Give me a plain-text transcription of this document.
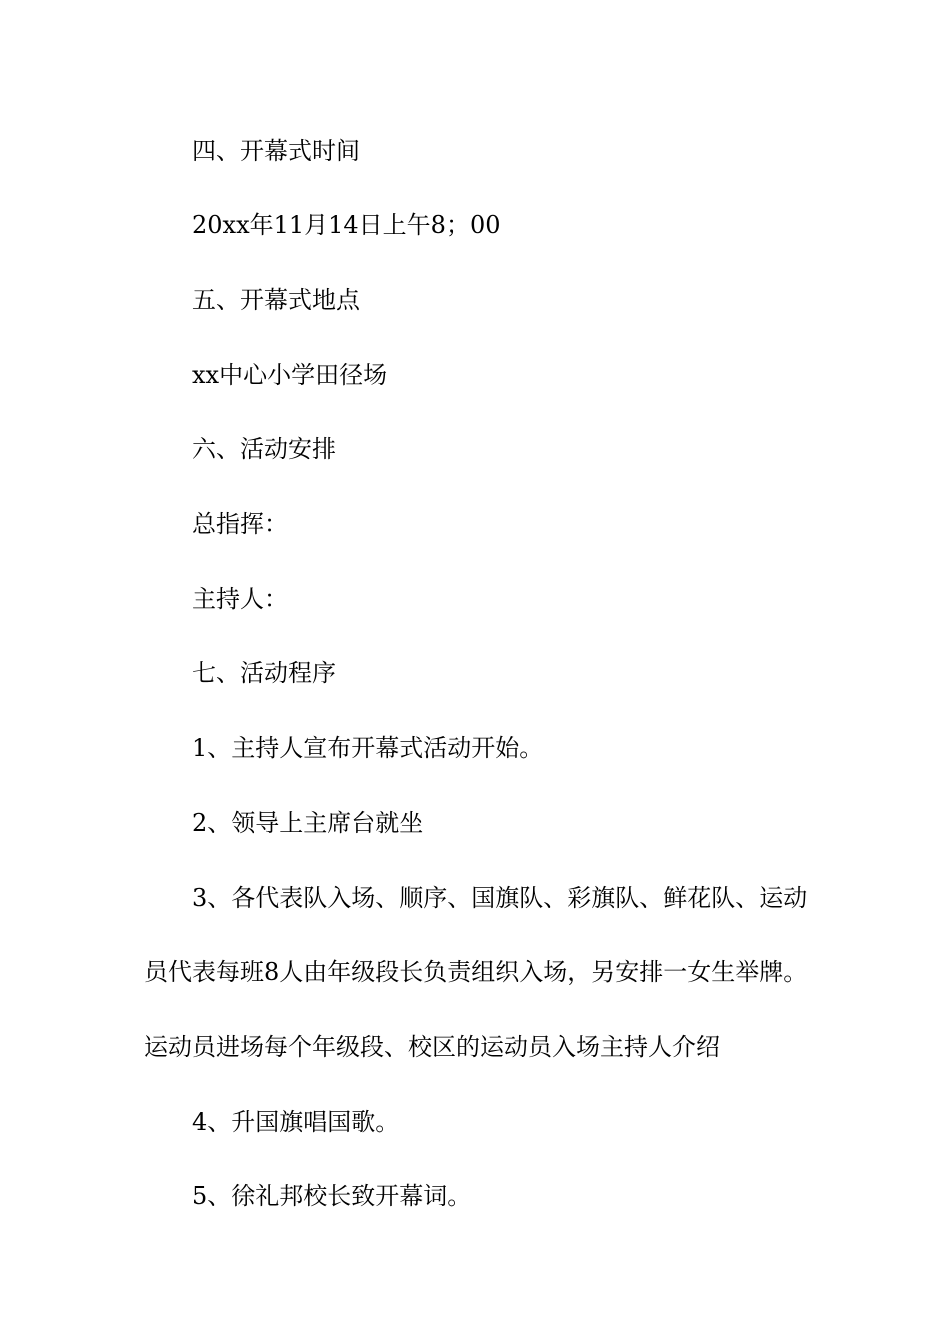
四、开幕式时间
20xx年11月14日上午8；00
五、开幕式地点
xx中心小学田径场
六、活动安排
总指挥：
主持人：
七、活动程序
1、主持人宣布开幕式活动开始。
2、领导上主席台就坐
3、各代表队入场、顺序、国旗队、彩旗队、鲜花队、运动
员代表每班8人由年级段长负责组织入场，另安排一女生举牌。
运动员进场每个年级段、校区的运动员入场主持人介绍
4、升国旗唱国歌。
5、徐礼邦校长致开幕词。
